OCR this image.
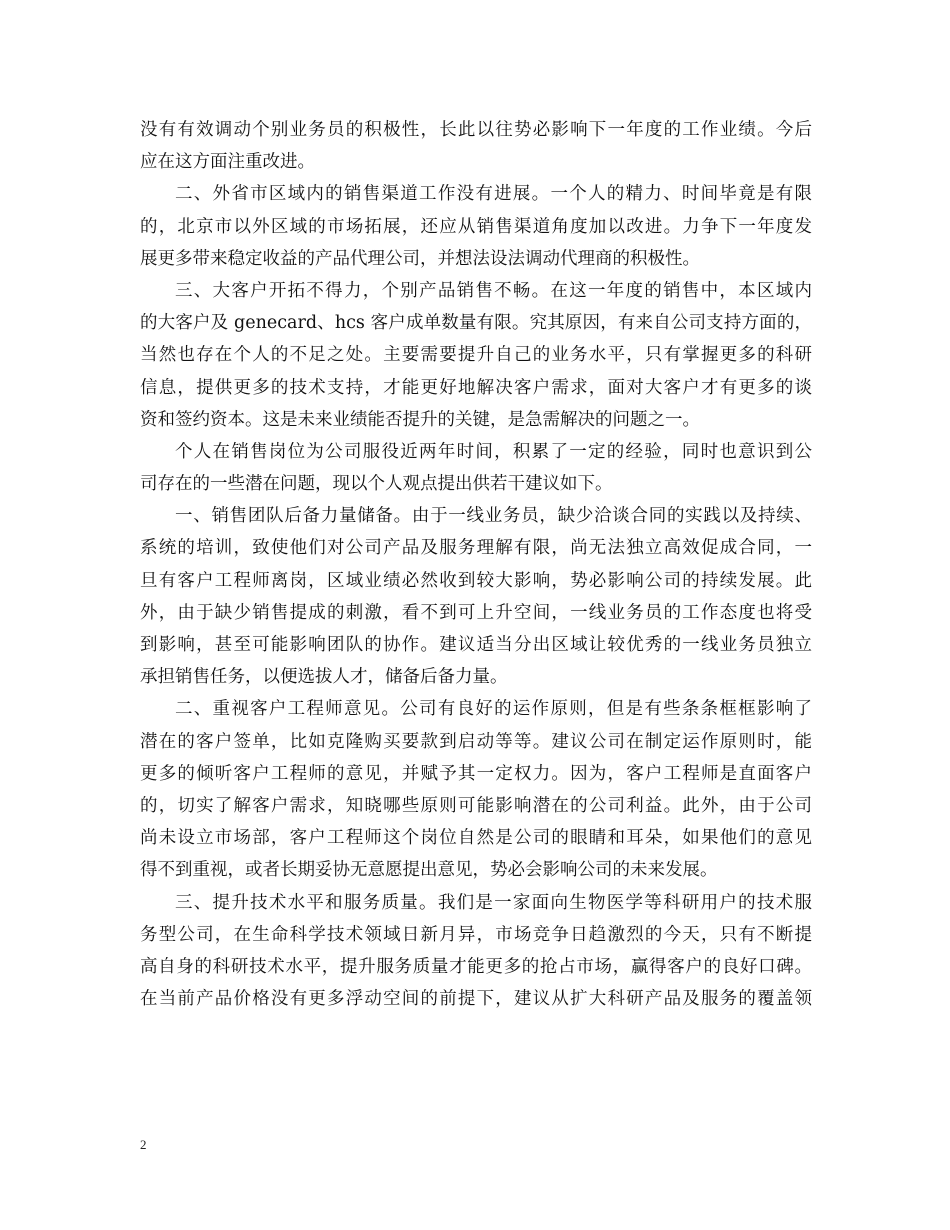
没有有效调动个别业务员的积极性，长此以往势必影响下一年度的工作业绩。今后
应在这方面注重改进。
二、外省市区域内的销售渠道工作没有进展。一个人的精力、时间毕竟是有限
的，北京市以外区域的市场拓展，还应从销售渠道角度加以改进。力争下一年度发
展更多带来稳定收益的产品代理公司，并想法设法调动代理商的积极性。
三、大客户开拓不得力，个别产品销售不畅。在这一年度的销售中，本区域内
的大客户及 genecard、hcs 客户成单数量有限。究其原因，有来自公司支持方面的，
当然也存在个人的不足之处。主要需要提升自己的业务水平，只有掌握更多的科研
信息，提供更多的技术支持，才能更好地解决客户需求，面对大客户才有更多的谈
资和签约资本。这是未来业绩能否提升的关键，是急需解决的问题之一。
个人在销售岗位为公司服役近两年时间，积累了一定的经验，同时也意识到公
司存在的一些潜在问题，现以个人观点提出供若干建议如下。
一、销售团队后备力量储备。由于一线业务员，缺少洽谈合同的实践以及持续、
系统的培训，致使他们对公司产品及服务理解有限，尚无法独立高效促成合同，一
旦有客户工程师离岗，区域业绩必然收到较大影响，势必影响公司的持续发展。此
外，由于缺少销售提成的刺激，看不到可上升空间，一线业务员的工作态度也将受
到影响，甚至可能影响团队的协作。建议适当分出区域让较优秀的一线业务员独立
承担销售任务，以便选拔人才，储备后备力量。
二、重视客户工程师意见。公司有良好的运作原则，但是有些条条框框影响了
潜在的客户签单，比如克隆购买要款到启动等等。建议公司在制定运作原则时，能
更多的倾听客户工程师的意见，并赋予其一定权力。因为，客户工程师是直面客户
的，切实了解客户需求，知晓哪些原则可能影响潜在的公司利益。此外，由于公司
尚未设立市场部，客户工程师这个岗位自然是公司的眼睛和耳朵，如果他们的意见
得不到重视，或者长期妥协无意愿提出意见，势必会影响公司的未来发展。
三、提升技术水平和服务质量。我们是一家面向生物医学等科研用户的技术服
务型公司，在生命科学技术领域日新月异，市场竞争日趋激烈的今天，只有不断提
高自身的科研技术水平，提升服务质量才能更多的抢占市场，赢得客户的良好口碑。
在当前产品价格没有更多浮动空间的前提下，建议从扩大科研产品及服务的覆盖领
2
